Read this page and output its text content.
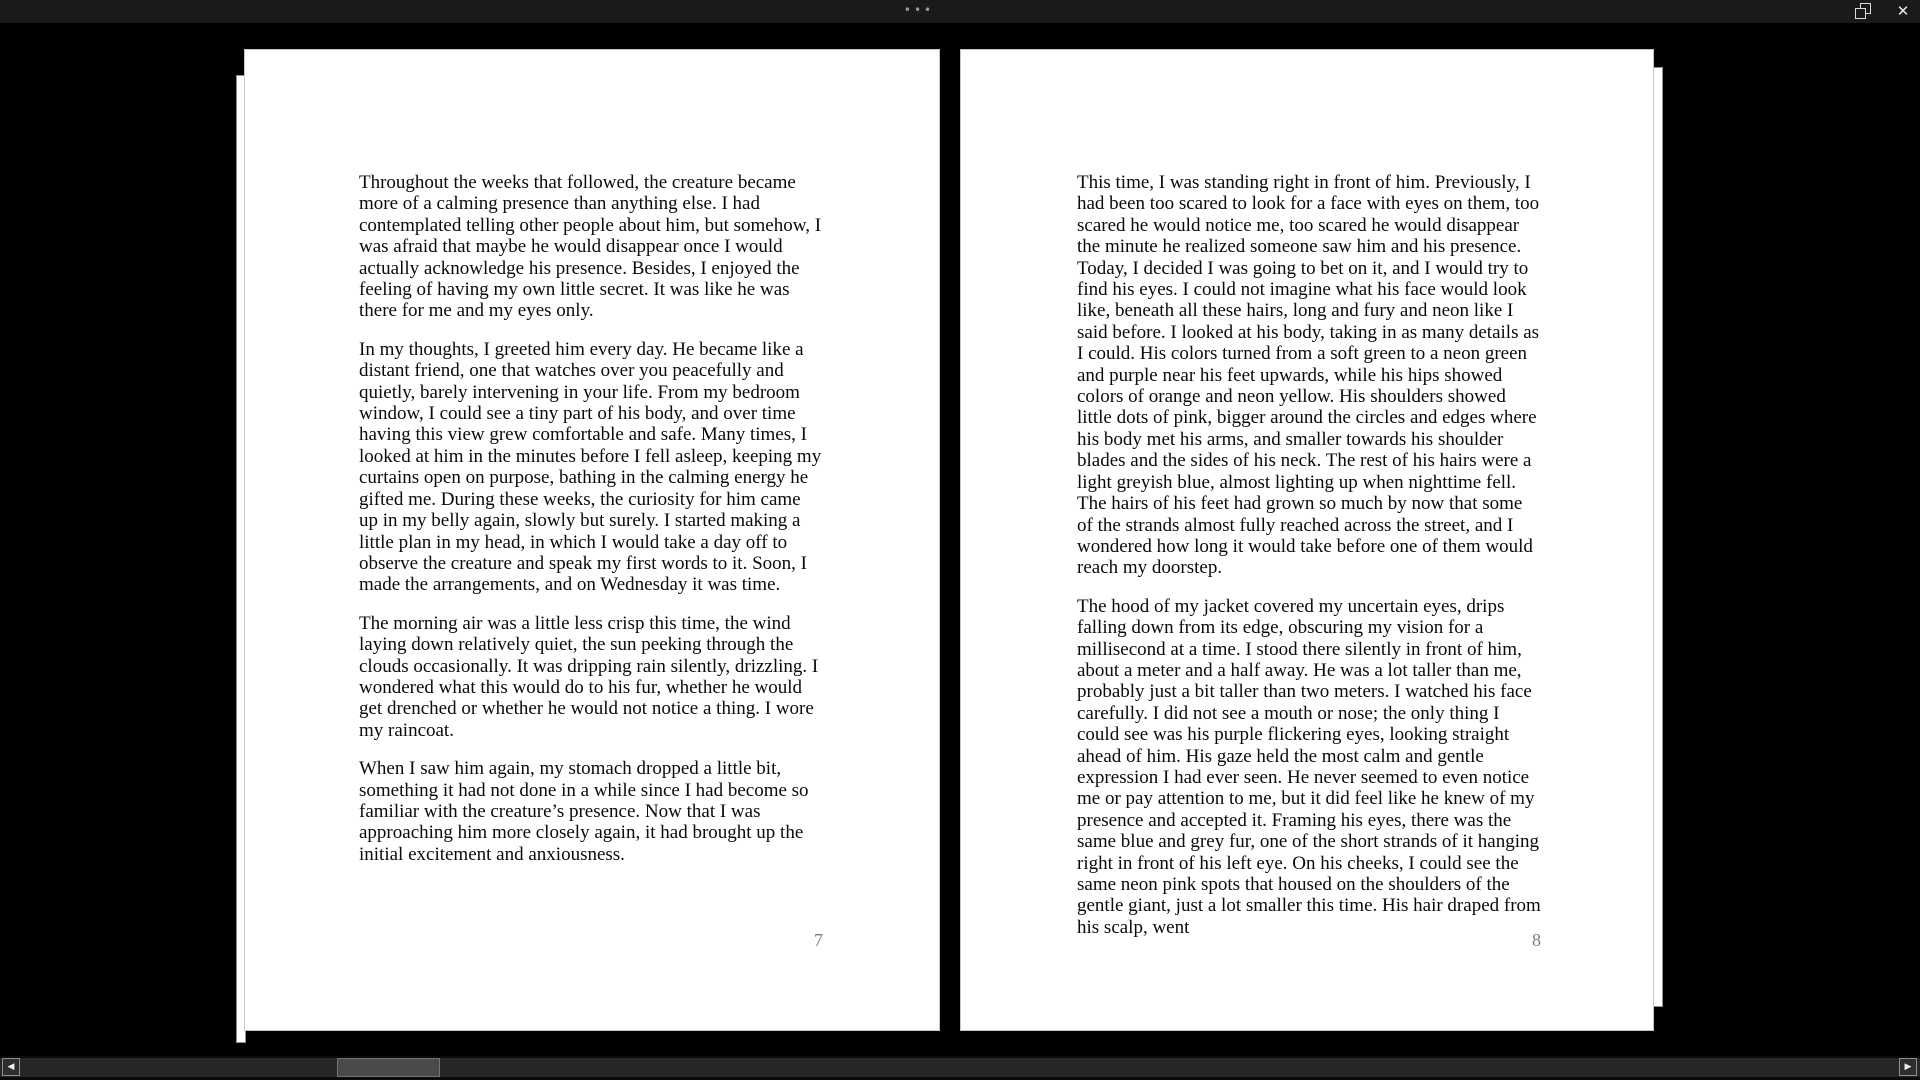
•••	✕

Throughout the weeks that followed, the creature became more of a calming presence than anything else. I had contemplated telling other people about him, but somehow, I was afraid that maybe he would disappear once I would actually acknowledge his presence. Besides, I enjoyed the feeling of having my own little secret. It was like he was there for me and my eyes only.

In my thoughts, I greeted him every day. He became like a distant friend, one that watches over you peacefully and quietly, barely intervening in your life. From my bedroom window, I could see a tiny part of his body, and over time having this view grew comfortable and safe. Many times, I looked at him in the minutes before I fell asleep, keeping my curtains open on purpose, bathing in the calming energy he gifted me. During these weeks, the curiosity for him came up in my belly again, slowly but surely. I started making a little plan in my head, in which I would take a day off to observe the creature and speak my first words to it. Soon, I made the arrangements, and on Wednesday it was time.

The morning air was a little less crisp this time, the wind laying down relatively quiet, the sun peeking through the clouds occasionally. It was dripping rain silently, drizzling. I wondered what this would do to his fur, whether he would get drenched or whether he would not notice a thing. I wore my raincoat.

When I saw him again, my stomach dropped a little bit, something it had not done in a while since I had become so familiar with the creature’s presence. Now that I was approaching him more closely again, it had brought up the initial excitement and anxiousness.

7

This time, I was standing right in front of him. Previously, I had been too scared to look for a face with eyes on them, too scared he would notice me, too scared he would disappear the minute he realized someone saw him and his presence. Today, I decided I was going to bet on it, and I would try to find his eyes. I could not imagine what his face would look like, beneath all these hairs, long and fury and neon like I said before. I looked at his body, taking in as many details as I could. His colors turned from a soft green to a neon green and purple near his feet upwards, while his hips showed colors of orange and neon yellow. His shoulders showed little dots of pink, bigger around the circles and edges where his body met his arms, and smaller towards his shoulder blades and the sides of his neck. The rest of his hairs were a light greyish blue, almost lighting up when nighttime fell. The hairs of his feet had grown so much by now that some of the strands almost fully reached across the street, and I wondered how long it would take before one of them would reach my doorstep.

The hood of my jacket covered my uncertain eyes, drips falling down from its edge, obscuring my vision for a millisecond at a time. I stood there silently in front of him, about a meter and a half away. He was a lot taller than me, probably just a bit taller than two meters. I watched his face carefully. I did not see a mouth or nose; the only thing I could see was his purple flickering eyes, looking straight ahead of him. His gaze held the most calm and gentle expression I had ever seen. He never seemed to even notice me or pay attention to me, but it did feel like he knew of my presence and accepted it. Framing his eyes, there was the same blue and grey fur, one of the short strands of it hanging right in front of his left eye. On his cheeks, I could see the same neon pink spots that housed on the shoulders of the gentle giant, just a lot smaller this time. His hair draped from his scalp, went

8
◀	▶
